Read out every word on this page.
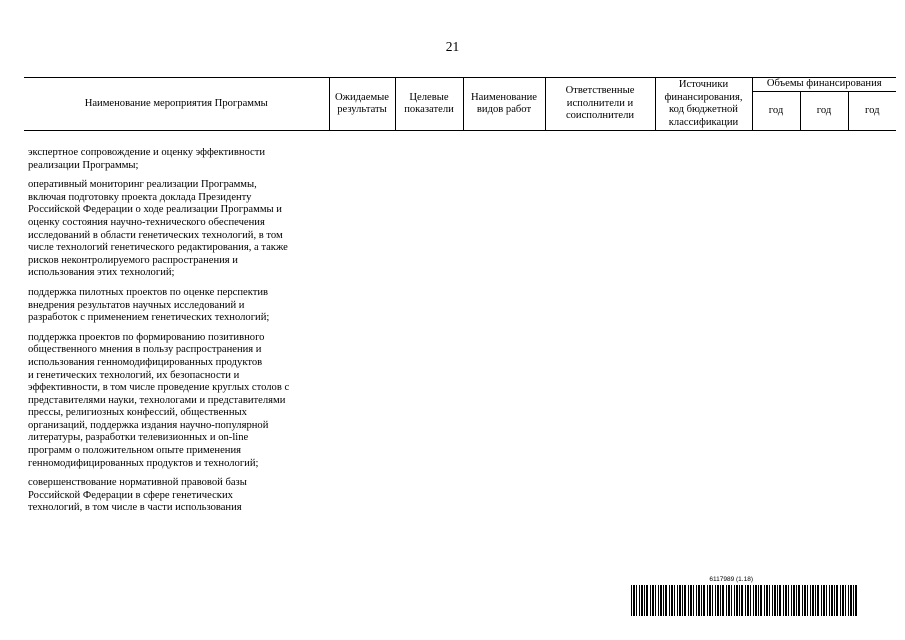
21
Наименование мероприятия Программы	Ожидаемые результаты	Целевые показатели	Наименование видов работ	Ответственные исполнители и соисполнители	Источники финансирования, код бюджетной классификации	Объемы финансирования		
						год	год	год

экспертное сопровождение и оценку эффективности
реализации Программы;

оперативный мониторинг реализации Программы,
включая подготовку проекта доклада Президенту
Российской Федерации о ходе реализации Программы и
оценку состояния научно-технического обеспечения
исследований в области генетических технологий, в том
числе технологий генетического редактирования, а также
рисков неконтролируемого распространения и
использования этих технологий;

поддержка пилотных проектов по оценке перспектив
внедрения результатов научных исследований и
разработок с применением генетических технологий;

поддержка проектов по формированию позитивного
общественного мнения в пользу распространения и
использования генномодифицированных продуктов
и генетических технологий, их безопасности и
эффективности, в том числе проведение круглых столов с
представителями науки, технологами и представителями
прессы, религиозных конфессий, общественных
организаций, поддержка издания научно-популярной
литературы, разработки телевизионных и on-line
программ о положительном опыте применения
генномодифицированных продуктов и технологий;

совершенствование нормативной правовой базы
Российской Федерации в сфере генетических
технологий, в том числе в части использования

6117989 (1.18)
